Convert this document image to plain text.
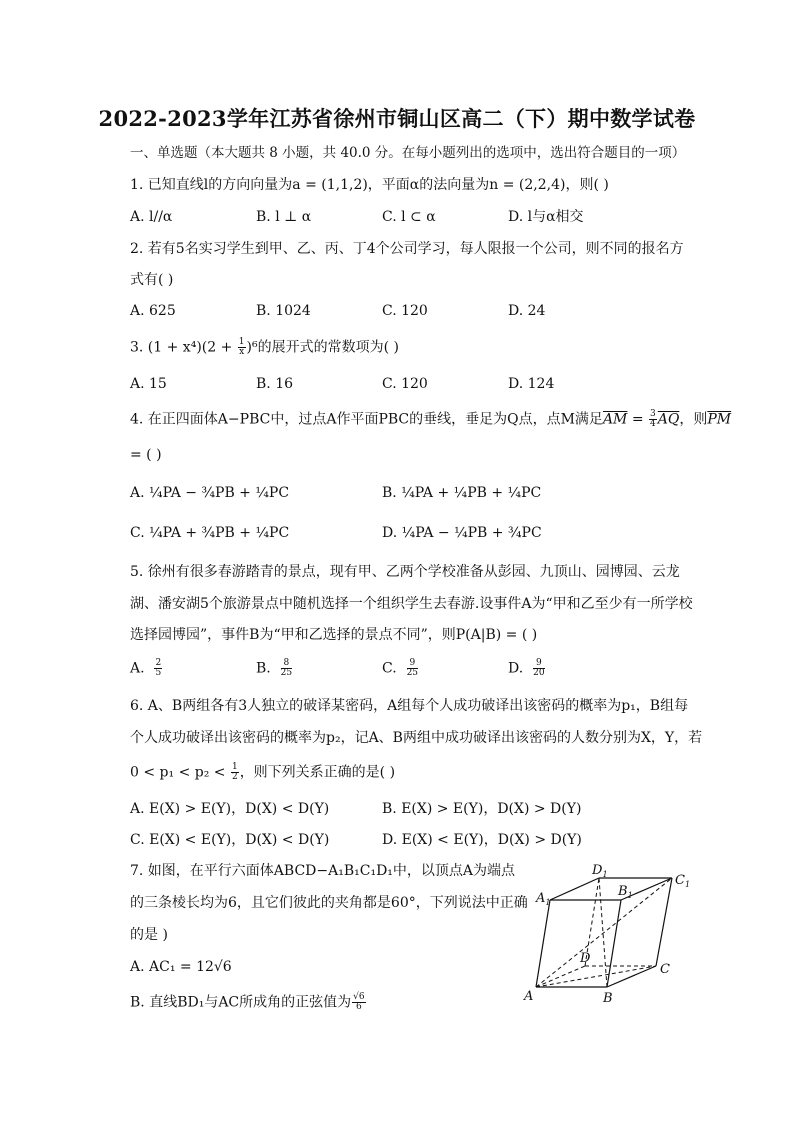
2022-2023学年江苏省徐州市铜山区高二（下）期中数学试卷
一、单选题（本大题共 8 小题，共 40.0 分。在每小题列出的选项中，选出符合题目的一项）
1. 已知直线l的方向向量为a = (1,1,2)，平面α的法向量为n = (2,2,4)，则( )
A. l//α	B. l ⊥ α	C. l ⊂ α	D. l与α相交
2. 若有5名实习学生到甲、乙、丙、丁4个公司学习，每人限报一个公司，则不同的报名方
式有( )
A. 625	B. 1024	C. 120	D. 24
3. $(1 + x^4)(2 + \frac{1}{x} )^6$的展开式的常数项为( )
A. 15	B. 16	C. 120	D. 124
4. 在正四面体A−PBC中，过点A作平面PBC的垂线，垂足为Q点，点M满足$\overline{AM} = \frac{3}{4} \overline{AQ}$，则$\overline{PM}$
= ( )
A. ¼PA − ¾PB + ¼PC	B. ¼PA + ¼PB + ¼PC
C. ¼PA + ¾PB + ¼PC	D. ¼PA − ¼PB + ¾PC
5. 徐州有很多春游踏青的景点，现有甲、乙两个学校准备从彭园、九顶山、园博园、云龙
湖、潘安湖5个旅游景点中随机选择一个组织学生去春游.设事件A为“甲和乙至少有一所学校
选择园博园”，事件B为“甲和乙选择的景点不同”，则P(A|B) = ( )
A. $\frac{2}{5}$	B. $\frac{8}{25}$	C. $\frac{9}{25}$	D. $\frac{9}{20}$
6. A、B两组各有3人独立的破译某密码，A组每个人成功破译出该密码的概率为p₁，B组每
个人成功破译出该密码的概率为p₂，记A、B两组中成功破译出该密码的人数分别为X，Y，若
$0 < p_1 < p_2 < \frac{1}{2}$ ，则下列关系正确的是( )
A. E(X) > E(Y)，D(X) < D(Y)	B. E(X) > E(Y)，D(X) > D(Y)
C. E(X) < E(Y)，D(X) < D(Y)	D. E(X) < E(Y)，D(X) > D(Y)
7. 如图，在平行六面体ABCD−A₁B₁C₁D₁中，以顶点A为端点
的三条棱长均为6，且它们彼此的夹角都是60°，下列说法中正确
的是 )
A. AC₁ = 12√6
B. 直线BD₁与AC所成角的正弦值为 $\frac{√6}{6}$	A	B
C
D
$A_1$
$B_1$
$C_1$
$D_1$
